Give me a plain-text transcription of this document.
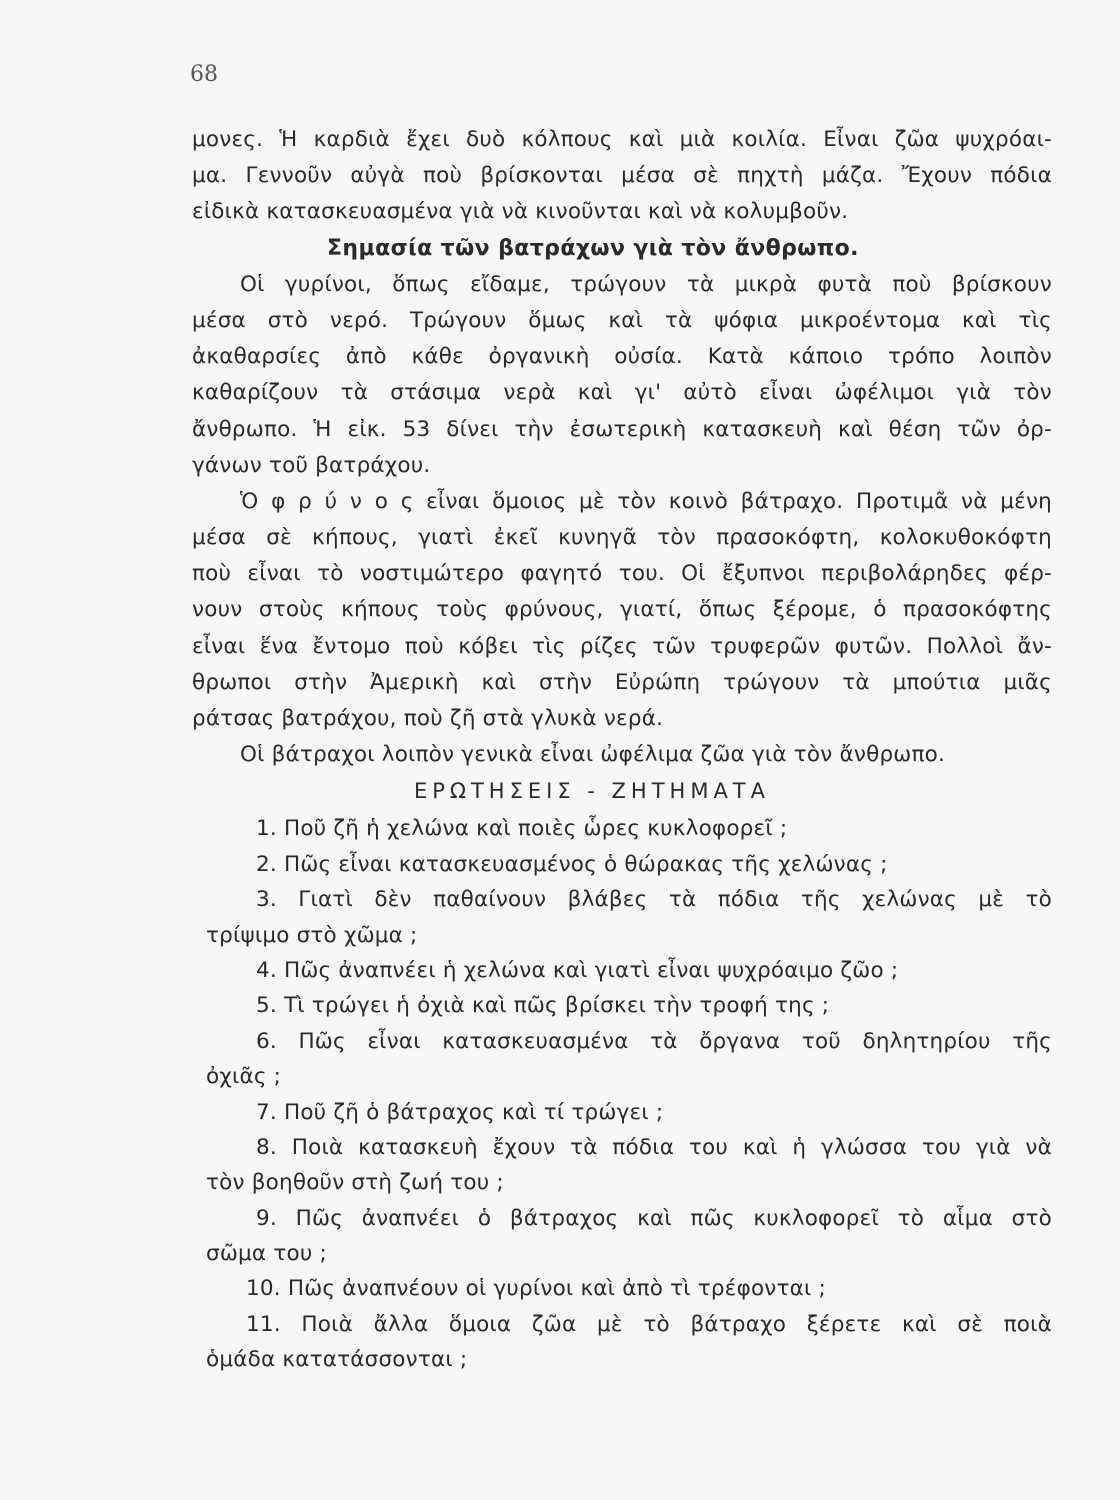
68
μονες. Ἡ καρδιὰ ἔχει δυὸ κόλπους καὶ μιὰ κοιλία. Εἶναι ζῶα ψυχρόαι-
μα. Γεννοῦν αὐγὰ ποὺ βρίσκονται μέσα σὲ πηχτὴ μάζα. Ἔχουν πόδια
εἰδικὰ κατασκευασμένα γιὰ νὰ κινοῦνται καὶ νὰ κολυμβοῦν.
Σημασία τῶν βατράχων γιὰ τὸν ἄνθρωπο.
Οἱ γυρίνοι, ὅπως εἴδαμε, τρώγουν τὰ μικρὰ φυτὰ ποὺ βρίσκουν
μέσα στὸ νερό. Τρώγουν ὅμως καὶ τὰ ψόφια μικροέντομα καὶ τὶς
ἀκαθαρσίες ἀπὸ κάθε ὀργανικὴ οὐσία. Κατὰ κάποιο τρόπο λοιπὸν
καθαρίζουν τὰ στάσιμα νερὰ καὶ γι' αὐτὸ εἶναι ὠφέλιμοι γιὰ τὸν
ἄνθρωπο. Ἡ εἰκ. 53 δίνει τὴν ἐσωτερικὴ κατασκευὴ καὶ θέση τῶν ὀρ-
γάνων τοῦ βατράχου.
Ὁ φ ρ ύ ν ο ς εἶναι ὅμοιος μὲ τὸν κοινὸ βάτραχο. Προτιμᾶ νὰ μένη
μέσα σὲ κήπους, γιατὶ ἐκεῖ κυνηγᾶ τὸν πρασοκόφτη, κολοκυθοκόφτη
ποὺ εἶναι τὸ νοστιμώτερο φαγητό του. Οἱ ἔξυπνοι περιβολάρηδες φέρ-
νουν στοὺς κήπους τοὺς φρύνους, γιατί, ὅπως ξέρομε, ὁ πρασοκόφτης
εἶναι ἕνα ἔντομο ποὺ κόβει τὶς ρίζες τῶν τρυφερῶν φυτῶν. Πολλοὶ ἄν-
θρωποι στὴν Ἀμερικὴ καὶ στὴν Εὐρώπη τρώγουν τὰ μπούτια μιᾶς
ράτσας βατράχου, ποὺ ζῆ στὰ γλυκὰ νερά.
Οἱ βάτραχοι λοιπὸν γενικὰ εἶναι ὠφέλιμα ζῶα γιὰ τὸν ἄνθρωπο.
ΕΡΩΤΗΣΕΙΣ - ΖΗΤΗΜΑΤΑ
1. Ποῦ ζῆ ἡ χελώνα καὶ ποιὲς ὧρες κυκλοφορεῖ ;
2. Πῶς εἶναι κατασκευασμένος ὁ θώρακας τῆς χελώνας ;
3. Γιατὶ δὲν παθαίνουν βλάβες τὰ πόδια τῆς χελώνας μὲ τὸ
τρίψιμο στὸ χῶμα ;
4. Πῶς ἀναπνέει ἡ χελώνα καὶ γιατὶ εἶναι ψυχρόαιμο ζῶο ;
5. Τὶ τρώγει ἡ ὀχιὰ καὶ πῶς βρίσκει τὴν τροφή της ;
6. Πῶς εἶναι κατασκευασμένα τὰ ὄργανα τοῦ δηλητηρίου τῆς
ὀχιᾶς ;
7. Ποῦ ζῆ ὁ βάτραχος καὶ τί τρώγει ;
8. Ποιὰ κατασκευὴ ἔχουν τὰ πόδια του καὶ ἡ γλώσσα του γιὰ νὰ
τὸν βοηθοῦν στὴ ζωή του ;
9. Πῶς ἀναπνέει ὁ βάτραχος καὶ πῶς κυκλοφορεῖ τὸ αἷμα στὸ
σῶμα του ;
10. Πῶς ἀναπνέουν οἱ γυρίνοι καὶ ἀπὸ τὶ τρέφονται ;
11. Ποιὰ ἄλλα ὅμοια ζῶα μὲ τὸ βάτραχο ξέρετε καὶ σὲ ποιὰ
ὁμάδα κατατάσσονται ;
